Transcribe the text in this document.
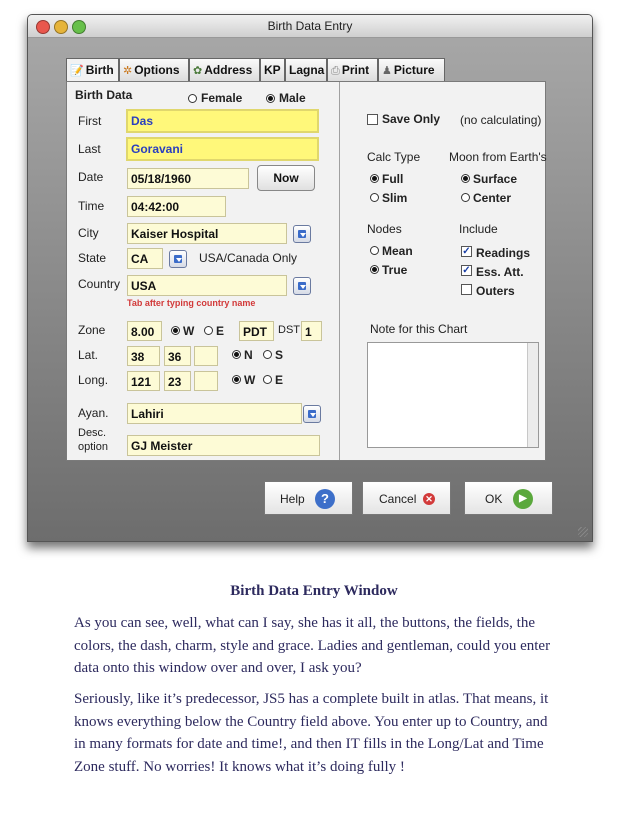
Birth Data Entry
📝 Birth ✲ Options	✿ Address KP Lagna ⎙ Print	♟ Picture
Birth Data	Female	Male
First	Das
Last	Goravani
Date	05/18/1960	Now
Time	04:42:00
City	Kaiser Hospital
State	CA	USA/Canada Only
Country USA
Tab after typing country name
Zone	8.00	W E	PDT	DST 1
Lat.	38	36	N S
Long.	121	23	W E
Ayan.	Lahiri
Desc.
option	GJ Meister
Save Only (no calculating)
Calc Type Moon from Earth's
Full	Surface
Slim	Center
Nodes	Include
Mean	✓ Readings
True	✓ Ess. Att.
Outers
Note for this Chart
Help	?	Cancel ✕	OK	▶
Birth Data Entry Window

As you can see, well, what can I say, she has it all, the buttons, the fields, the colors, the dash, charm, style and grace. Ladies and gentleman, could you enter data onto this window over and over, I ask you?

Seriously, like it’s predecessor, JS5 has a complete built in atlas. That means, it knows everything below the Country field above. You enter up to Country, and in many formats for date and time!, and then IT fills in the Long/Lat and Time Zone stuff. No worries! It knows what it’s doing fully !
